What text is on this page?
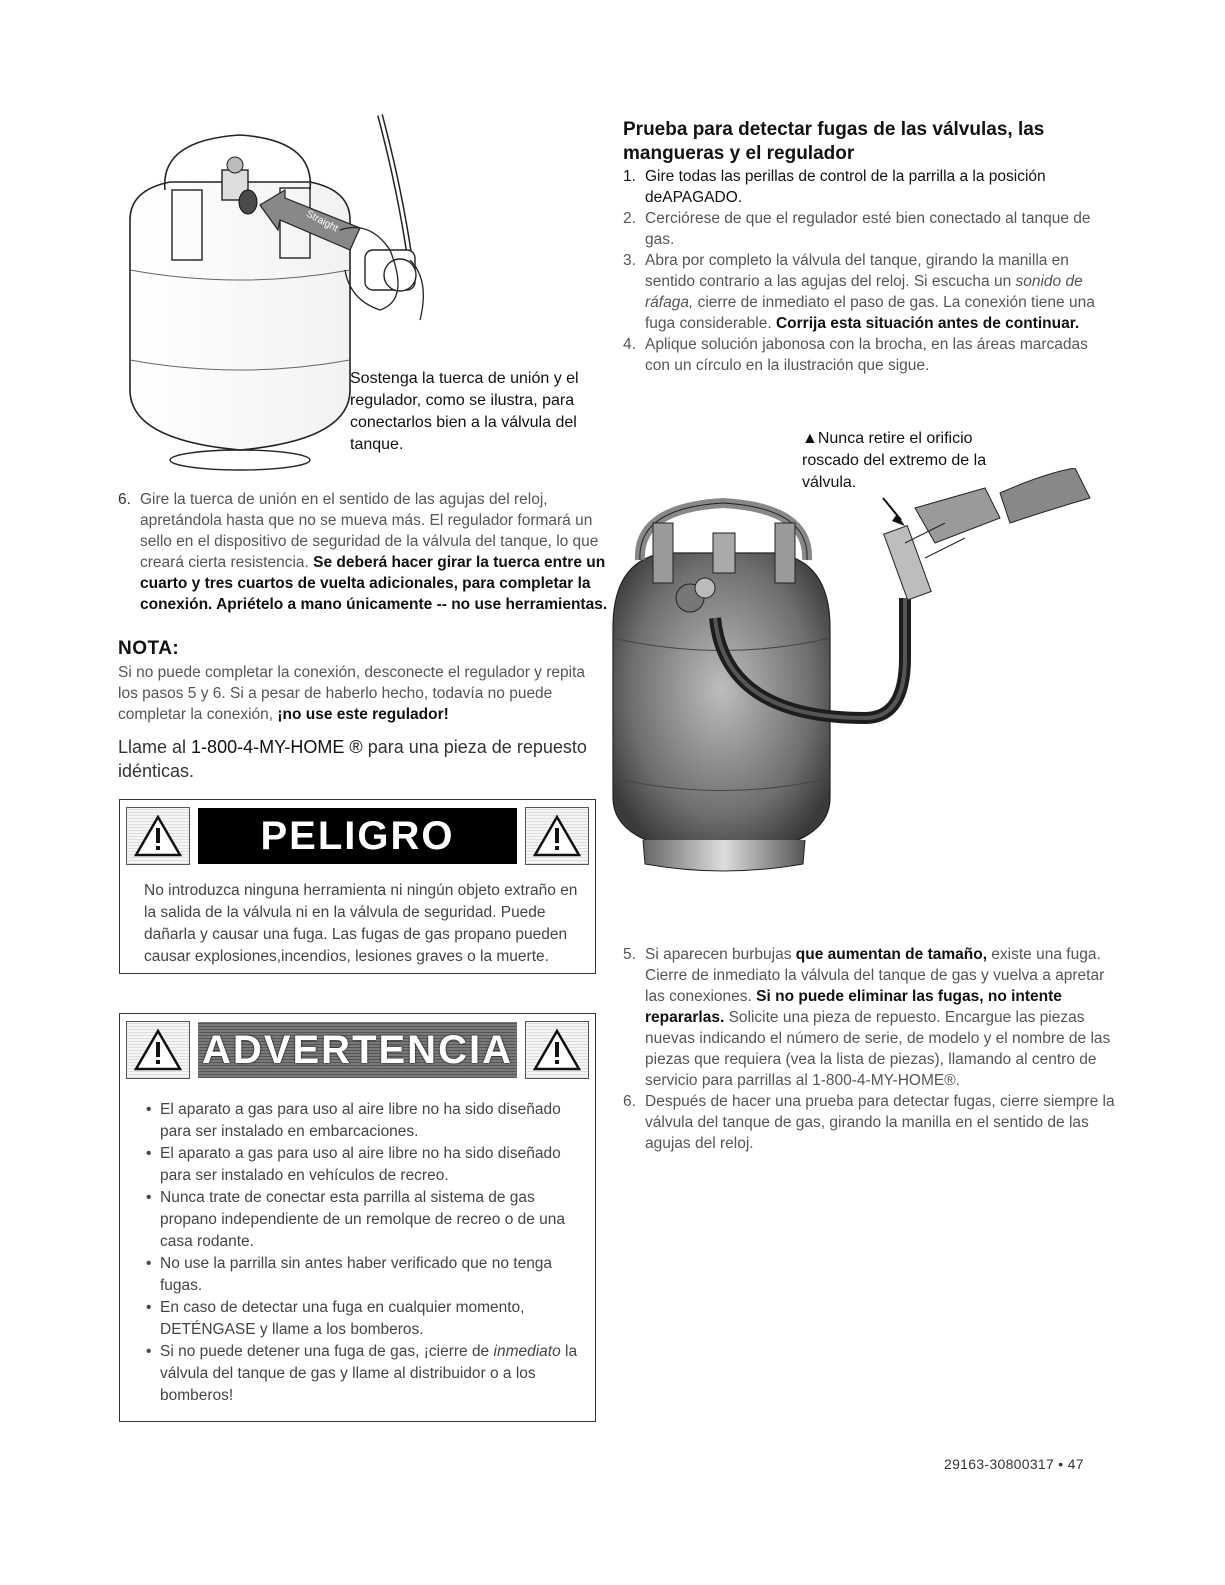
Straight

Sostenga la tuerca de unión y el regulador, como se ilustra, para conectarlos bien a la válvula del tanque.

6. Gire la tuerca de unión en el sentido de las agujas del reloj, apretándola hasta que no se mueva más. El regulador formará un sello en el dispositivo de seguridad de la válvula del tanque, lo que creará cierta resistencia. Se deberá hacer girar la tuerca entre un cuarto y tres cuartos de vuelta adicionales, para completar la conexión. Apriételo a mano únicamente -- no use herramientas.

NOTA:

Si no puede completar la conexión, desconecte el regulador y repita los pasos 5 y 6. Si a pesar de haberlo hecho, todavía no puede completar la conexión, ¡no use este regulador!

Llame al 1-800-4-MY-HOME ® para una pieza de repuesto idénticas.

PELIGRO

No introduzca ninguna herramienta ni ningún objeto extraño en la salida de la válvula ni en la válvula de seguridad. Puede dañarla y causar una fuga. Las fugas de gas propano pueden causar explosiones,incendios, lesiones graves o la muerte.

ADVERTENCIA
• El aparato a gas para uso al aire libre no ha sido diseñado para ser instalado en embarcaciones.
• El aparato a gas para uso al aire libre no ha sido diseñado para ser instalado en vehículos de recreo.
• Nunca trate de conectar esta parrilla al sistema de gas propano independiente de un remolque de recreo o de una casa rodante.
• No use la parrilla sin antes haber verificado que no tenga fugas.
• En caso de detectar una fuga en cualquier momento, DETÉNGASE y llame a los bomberos.
• Si no puede detener una fuga de gas, ¡cierre de inmediato la válvula del tanque de gas y llame al distribuidor o a los bomberos!

Prueba para detectar fugas de las válvulas, las mangueras y el regulador

1. Gire todas las perillas de control de la parrilla a la posición deAPAGADO.
2. Cerciórese de que el regulador esté bien conectado al tanque de gas.
3. Abra por completo la válvula del tanque, girando la manilla en sentido contrario a las agujas del reloj. Si escucha un sonido de ráfaga, cierre de inmediato el paso de gas. La conexión tiene una fuga considerable. Corrija esta situación antes de continuar.
4. Aplique solución jabonosa con la brocha, en las áreas marcadas con un círculo en la ilustración que sigue.

▲Nunca retire el orificio roscado del extremo de la válvula.

5. Si aparecen burbujas que aumentan de tamaño, existe una fuga. Cierre de inmediato la válvula del tanque de gas y vuelva a apretar las conexiones. Si no puede eliminar las fugas, no intente repararlas. Solicite una pieza de repuesto. Encargue las piezas nuevas indicando el número de serie, de modelo y el nombre de las piezas que requiera (vea la lista de piezas), llamando al centro de servicio para parrillas al 1-800-4-MY-HOME®.
6. Después de hacer una prueba para detectar fugas, cierre siempre la válvula del tanque de gas, girando la manilla en el sentido de las agujas del reloj.

29163-30800317 • 47
